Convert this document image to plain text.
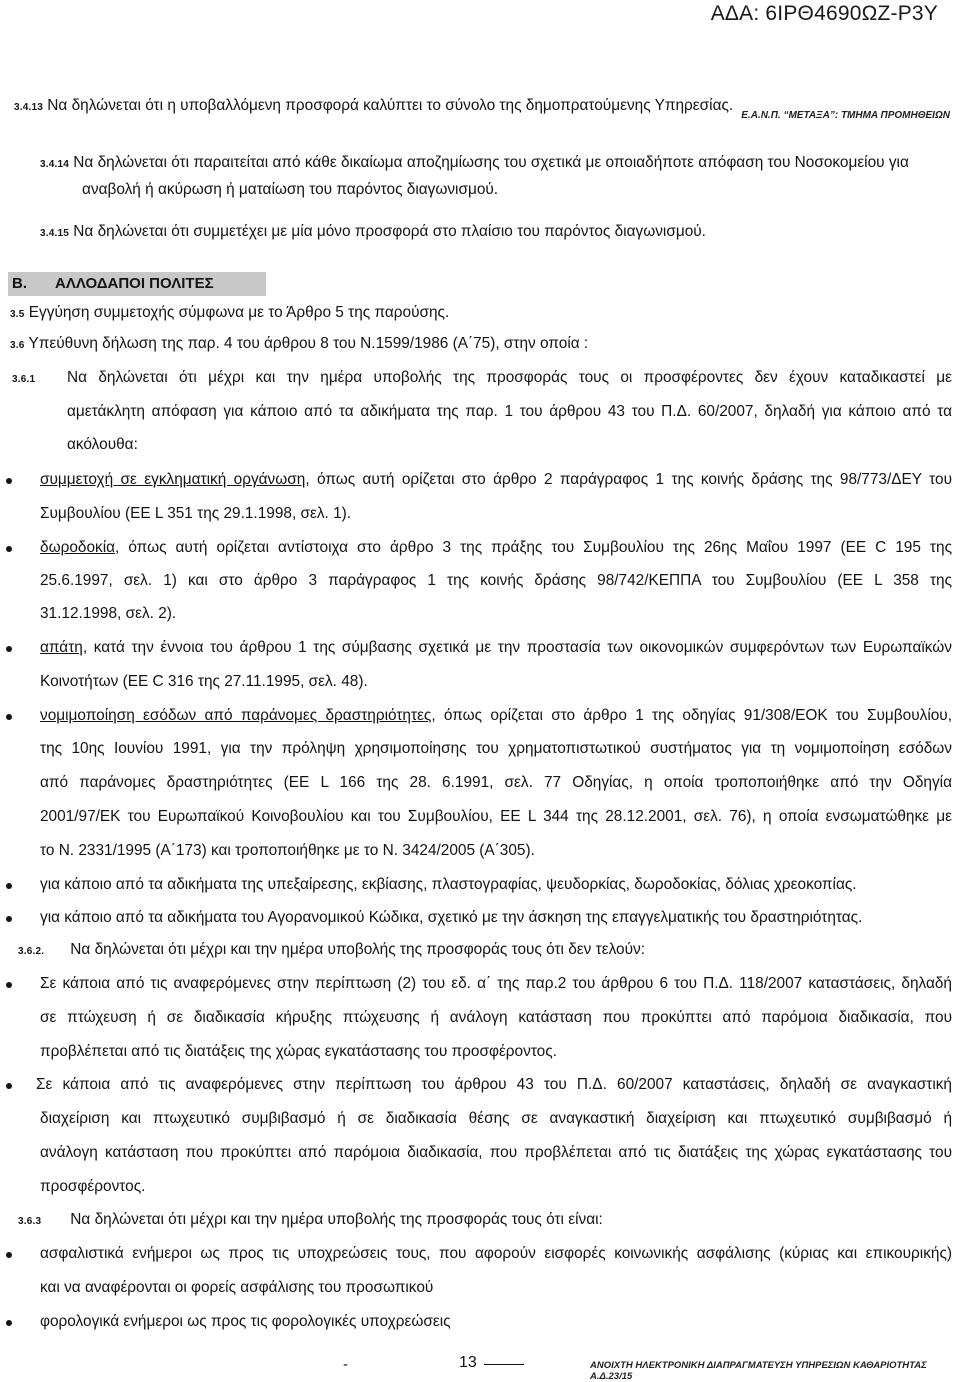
ΑΔΑ: 6ΙΡΘ4690ΩΖ-Ρ3Υ
Ε.Α.Ν.Π. “ΜΕΤΑΞΑ”: ΤΜΗΜΑ ΠΡΟΜΗΘΕΙΩΝ
3.4.13 Να δηλώνεται ότι η υποβαλλόμενη προσφορά καλύπτει το σύνολο της δημοπρατούμενης Υπηρεσίας.
3.4.14 Να δηλώνεται ότι παραιτείται από κάθε δικαίωμα αποζημίωσης του σχετικά με οποιαδήποτε απόφαση του Νοσοκομείου για
αναβολή ή ακύρωση ή ματαίωση του παρόντος διαγωνισμού.
3.4.15 Να δηλώνεται ότι συμμετέχει με μία μόνο προσφορά στο πλαίσιο του παρόντος διαγωνισμού.
Β. ΑΛΛΟΔΑΠΟΙ ΠΟΛΙΤΕΣ
3.5 Εγγύηση συμμετοχής σύμφωνα με το Άρθρο 5 της παρούσης.
3.6 Υπεύθυνη δήλωση της παρ. 4 του άρθρου 8 του Ν.1599/1986 (Α΄75), στην οποία :
3.6.1	Να δηλώνεται ότι μέχρι και την ημέρα υποβολής της προσφοράς τους οι προσφέροντες δεν έχουν καταδικαστεί με
αμετάκλητη απόφαση για κάποιο από τα αδικήματα της παρ. 1 του άρθρου 43 του Π.Δ. 60/2007, δηλαδή για κάποιο από τα
ακόλουθα:
συμμετοχή σε εγκληματική οργάνωση, όπως αυτή ορίζεται στο άρθρο 2 παράγραφος 1 της κοινής δράσης της 98/773/ΔΕΥ του
Συμβουλίου (ΕΕ L 351 της 29.1.1998, σελ. 1).
δωροδοκία, όπως αυτή ορίζεται αντίστοιχα στο άρθρο 3 της πράξης του Συμβουλίου της 26ης Μαΐου 1997 (ΕΕ C 195 της
25.6.1997, σελ. 1) και στο άρθρο 3 παράγραφος 1 της κοινής δράσης 98/742/ΚΕΠΠΑ του Συμβουλίου (ΕΕ L 358 της
31.12.1998, σελ. 2).
απάτη, κατά την έννοια του άρθρου 1 της σύμβασης σχετικά με την προστασία των οικονομικών συμφερόντων των Ευρωπαϊκών
Κοινοτήτων (ΕΕ C 316 της 27.11.1995, σελ. 48).
νομιμοποίηση εσόδων από παράνομες δραστηριότητες, όπως ορίζεται στο άρθρο 1 της οδηγίας 91/308/ΕΟΚ του Συμβουλίου,
της 10ης Ιουνίου 1991, για την πρόληψη χρησιμοποίησης του χρηματοπιστωτικού συστήματος για τη νομιμοποίηση εσόδων
από παράνομες δραστηριότητες (ΕΕ L 166 της 28. 6.1991, σελ. 77 Οδηγίας, η οποία τροποποιήθηκε από την Οδηγία
2001/97/ΕΚ του Ευρωπαϊκού Κοινοβουλίου και του Συμβουλίου, ΕΕ L 344 της 28.12.2001, σελ. 76), η οποία ενσωματώθηκε με
το Ν. 2331/1995 (Α΄173) και τροποποιήθηκε με το Ν. 3424/2005 (Α΄305).
για κάποιο από τα αδικήματα της υπεξαίρεσης, εκβίασης, πλαστογραφίας, ψευδορκίας, δωροδοκίας, δόλιας χρεοκοπίας.
για κάποιο από τα αδικήματα του Αγορανομικού Κώδικα, σχετικό με την άσκηση της επαγγελματικής του δραστηριότητας.
3.6.2. Να δηλώνεται ότι μέχρι και την ημέρα υποβολής της προσφοράς τους ότι δεν τελούν:
Σε κάποια από τις αναφερόμενες στην περίπτωση (2) του εδ. α΄ της παρ.2 του άρθρου 6 του Π.Δ. 118/2007 καταστάσεις, δηλαδή
σε πτώχευση ή σε διαδικασία κήρυξης πτώχευσης ή ανάλογη κατάσταση που προκύπτει από παρόμοια διαδικασία, που
προβλέπεται από τις διατάξεις της χώρας εγκατάστασης του προσφέροντος.
Σε κάποια από τις αναφερόμενες στην περίπτωση του άρθρου 43 του Π.Δ. 60/2007 καταστάσεις, δηλαδή σε αναγκαστική
διαχείριση και πτωχευτικό συμβιβασμό ή σε διαδικασία θέσης σε αναγκαστική διαχείριση και πτωχευτικό συμβιβασμό ή
ανάλογη κατάσταση που προκύπτει από παρόμοια διαδικασία, που προβλέπεται από τις διατάξεις της χώρας εγκατάστασης του
προσφέροντος.
3.6.3 Να δηλώνεται ότι μέχρι και την ημέρα υποβολής της προσφοράς τους ότι είναι:
ασφαλιστικά ενήμεροι ως προς τις υποχρεώσεις τους, που αφορούν εισφορές κοινωνικής ασφάλισης (κύριας και επικουρικής)
και να αναφέρονται οι φορείς ασφάλισης του προσωπικού
φορολογικά ενήμεροι ως προς τις φορολογικές υποχρεώσεις
-	13	ΑΝΟΙΧΤΗ ΗΛΕΚΤΡΟΝΙΚΗ ΔΙΑΠΡΑΓΜΑΤΕΥΣΗ ΥΠΗΡΕΣΙΩΝ ΚΑΘΑΡΙΟΤΗΤΑΣ Α.Δ.23/15
